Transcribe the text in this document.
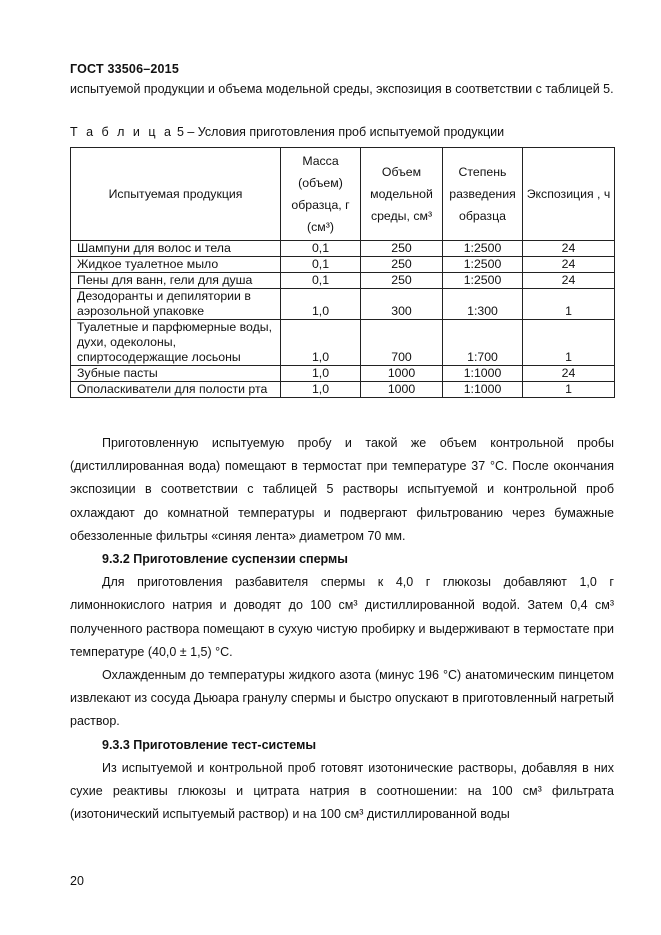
ГОСТ 33506–2015
испытуемой продукции и объема модельной среды, экспозиция в соответствии с таблицей 5.
Т а б л и ц а 5 – Условия приготовления проб испытуемой продукции
Испытуемая продукция	Масса (объем) образца, г (см³)	Объем модельной среды, см³	Степень разведения образца	Экспозиция , ч
Шампуни для волос и тела	0,1	250	1:2500	24
Жидкое туалетное мыло	0,1	250	1:2500	24
Пены для ванн, гели для душа	0,1	250	1:2500	24
Дезодоранты и депилятории в аэрозольной упаковке	1,0	300	1:300	1
Туалетные и парфюмерные воды, духи, одеколоны, спиртосодержащие лосьоны	1,0	700	1:700	1
Зубные пасты	1,0	1000	1:1000	24
Ополаскиватели для полости рта	1,0	1000	1:1000	1

Приготовленную испытуемую пробу и такой же объем контрольной пробы (дистиллированная вода) помещают в термостат при температуре 37 °С. После окончания экспозиции в соответствии с таблицей 5 растворы испытуемой и контрольной проб охлаждают до комнатной температуры и подвергают фильтрованию через бумажные обеззоленные фильтры «синяя лента» диаметром 70 мм.

9.3.2 Приготовление суспензии спермы

Для приготовления разбавителя спермы к 4,0 г глюкозы добавляют 1,0 г лимоннокислого натрия и доводят до 100 см³ дистиллированной водой. Затем 0,4 см³ полученного раствора помещают в сухую чистую пробирку и выдерживают в термостате при температуре (40,0 ± 1,5) °С.

Охлажденным до температуры жидкого азота (минус 196 °С) анатомическим пинцетом извлекают из сосуда Дьюара гранулу спермы и быстро опускают в приготовленный нагретый раствор.

9.3.3 Приготовление тест-системы

Из испытуемой и контрольной проб готовят изотонические растворы, добавляя в них сухие реактивы глюкозы и цитрата натрия в соотношении: на 100 см³ фильтрата (изотонический испытуемый раствор) и на 100 см³ дистиллированной воды

20
